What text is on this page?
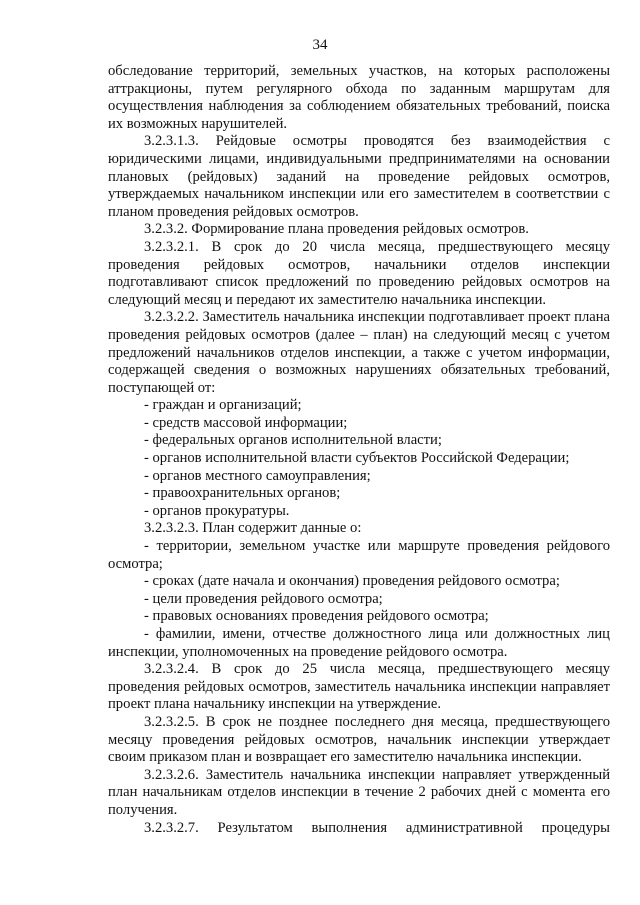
34

обследование территорий, земельных участков, на которых расположены аттракционы, путем регулярного обхода по заданным маршрутам для осуществления наблюдения за соблюдением обязательных требований, поиска их возможных нарушителей.

3.2.3.1.3. Рейдовые осмотры проводятся без взаимодействия с юридическими лицами, индивидуальными предпринимателями на основании плановых (рейдовых) заданий на проведение рейдовых осмотров, утверждаемых начальником инспекции или его заместителем в соответствии с планом проведения рейдовых осмотров.

3.2.3.2. Формирование плана проведения рейдовых осмотров.

3.2.3.2.1. В срок до 20 числа месяца, предшествующего месяцу проведения рейдовых осмотров, начальники отделов инспекции подготавливают список предложений по проведению рейдовых осмотров на следующий месяц и передают их заместителю начальника инспекции.

3.2.3.2.2. Заместитель начальника инспекции подготавливает проект плана проведения рейдовых осмотров (далее – план) на следующий месяц с учетом предложений начальников отделов инспекции, а также с учетом информации, содержащей сведения о возможных нарушениях обязательных требований, поступающей от:

- граждан и организаций;

- средств массовой информации;

- федеральных органов исполнительной власти;

- органов исполнительной власти субъектов Российской Федерации;

- органов местного самоуправления;

- правоохранительных органов;

- органов прокуратуры.

3.2.3.2.3. План содержит данные о:

- территории, земельном участке или маршруте проведения рейдового осмотра;

- сроках (дате начала и окончания) проведения рейдового осмотра;

- цели проведения рейдового осмотра;

- правовых основаниях проведения рейдового осмотра;

- фамилии, имени, отчестве должностного лица или должностных лиц инспекции, уполномоченных на проведение рейдового осмотра.

3.2.3.2.4. В срок до 25 числа месяца, предшествующего месяцу проведения рейдовых осмотров, заместитель начальника инспекции направляет проект плана начальнику инспекции на утверждение.

3.2.3.2.5. В срок не позднее последнего дня месяца, предшествующего месяцу проведения рейдовых осмотров, начальник инспекции утверждает своим приказом план и возвращает его заместителю начальника инспекции.

3.2.3.2.6. Заместитель начальника инспекции направляет утвержденный план начальникам отделов инспекции в течение 2 рабочих дней с момента его получения.

3.2.3.2.7. Результатом выполнения административной процедуры
